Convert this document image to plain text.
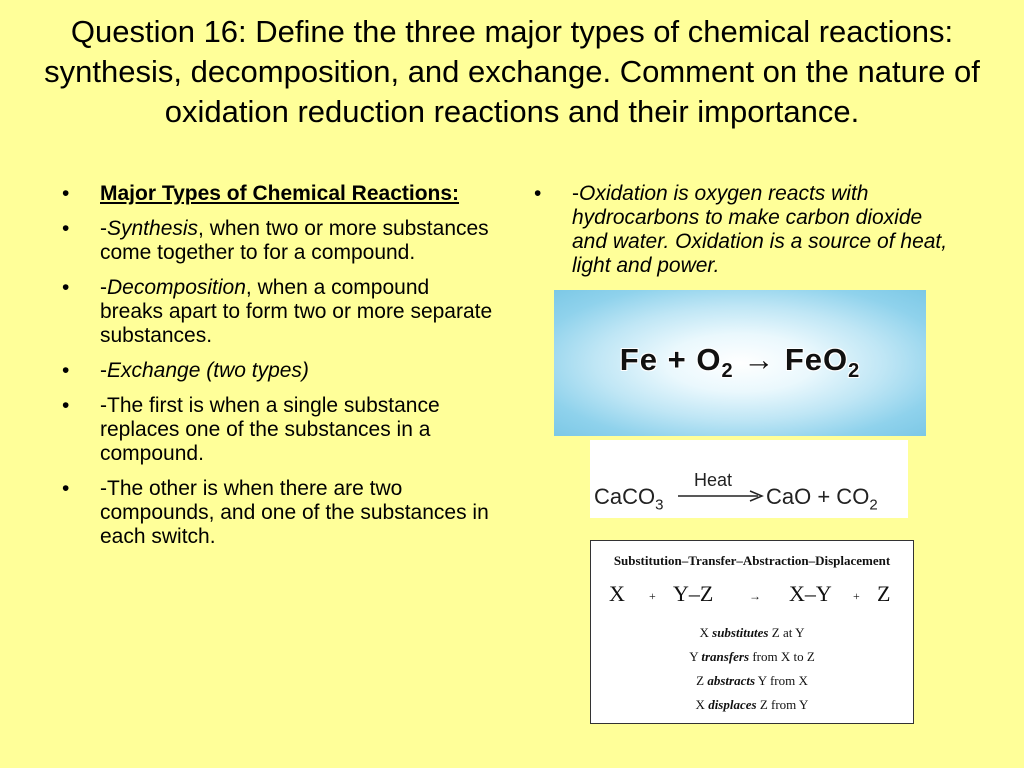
Question 16: Define the three major types of chemical reactions: synthesis, decomposition, and exchange. Comment on the nature of oxidation reduction reactions and their importance.
• Major Types of Chemical Reactions:
• -Synthesis, when two or more substances come together to for a compound.
• -Decomposition, when a compound breaks apart to form two or more separate substances.
• -Exchange (two types)
• -The first is when a single substance replaces one of the substances in a compound.
• -The other is when there are two compounds, and one of the substances in each switch.
• -Oxidation is oxygen reacts with hydrocarbons to make carbon dioxide and water. Oxidation is a source of heat, light and power.
$Fe + O_2 \to FeO_2$
CaCO$_3$
Heat
CaO + $CO_2$
Substitution–Transfer–Abstraction–Displacement
X + Y–Z	→ X–Y + Z
X substitutes Z at Y
Y transfers from X to Z
Z abstracts Y from X
X displaces Z from Y
